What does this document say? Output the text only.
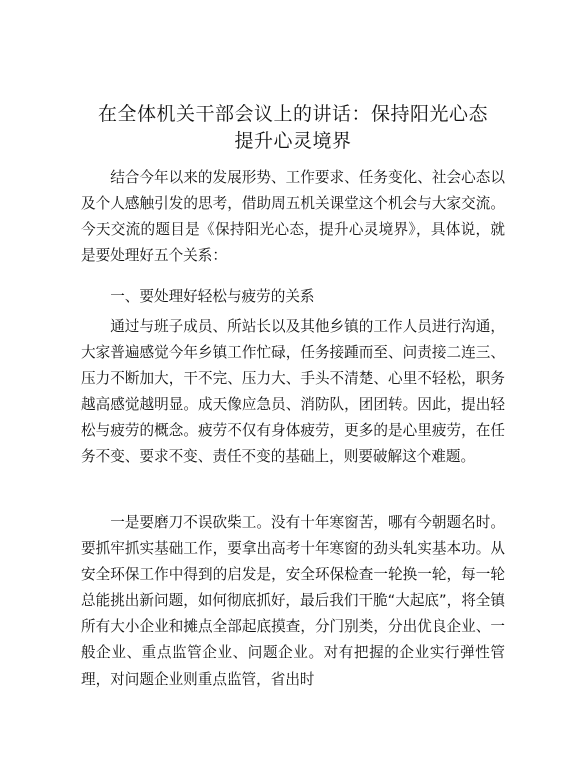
在全体机关干部会议上的讲话：保持阳光心态
提升心灵境界

结合今年以来的发展形势、工作要求、任务变化、社会心态以及个人感触引发的思考，借助周五机关课堂这个机会与大家交流。今天交流的题目是《保持阳光心态，提升心灵境界》，具体说，就是要处理好五个关系：

一、要处理好轻松与疲劳的关系

通过与班子成员、所站长以及其他乡镇的工作人员进行沟通，大家普遍感觉今年乡镇工作忙碌，任务接踵而至、问责接二连三、压力不断加大，干不完、压力大、手头不清楚、心里不轻松，职务越高感觉越明显。成天像应急员、消防队，团团转。因此，提出轻松与疲劳的概念。疲劳不仅有身体疲劳，更多的是心里疲劳，在任务不变、要求不变、责任不变的基础上，则要破解这个难题。

一是要磨刀不误砍柴工。没有十年寒窗苦，哪有今朝题名时。要抓牢抓实基础工作，要拿出高考十年寒窗的劲头轧实基本功。从安全环保工作中得到的启发是，安全环保检查一轮换一轮，每一轮总能挑出新问题，如何彻底抓好，最后我们干脆“大起底”，将全镇所有大小企业和摊点全部起底摸查，分门别类，分出优良企业、一般企业、重点监管企业、问题企业。对有把握的企业实行弹性管理，对问题企业则重点监管，省出时
